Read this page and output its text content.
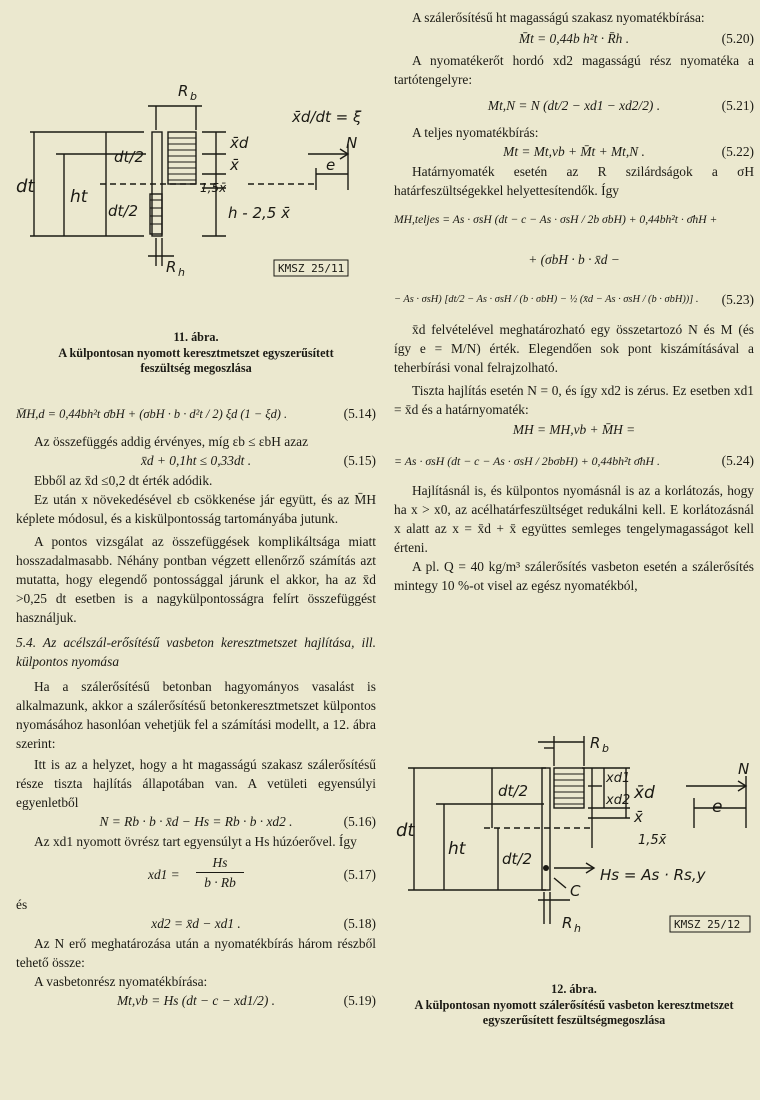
R b
x̄d/dt = ξ
dt/2
dt/2
dt ht
x̄d
x̄
1,5x̄
h - 2,5 x̄
N
e
R h	KMSZ 25/11
11. ábra.
A külpontosan nyomott keresztmetszet egyszerűsített feszültség megoszlása
M̄H,d = 0,44bh²t σ̄bH + (σbH · b · d²t / 2) ξd (1 − ξd) .	(5.14)

Az összefüggés addig érvényes, míg εb ≤ εbH azaz

x̄d + 0,1ht ≤ 0,33dt .	(5.15)

Ebből az x̄d ≤0,2 dt érték adódik.

Ez után x növekedésével εb csökkenése jár együtt, és az M̄H képlete módosul, és a kiskülpontosság tartományába jutunk.

A pontos vizsgálat az összefüggések komplikáltsága miatt hosszadalmasabb. Néhány pontban végzett ellenőrző számítás azt mutatta, hogy elegendő pontossággal járunk el akkor, ha az x̄d >0,25 dt esetben is a nagykülpontosságra felírt összefüggést használjuk.

5.4. Az acélszál-erősítésű vasbeton keresztmetszet hajlítása, ill. külpontos nyomása

Ha a szálerősítésű betonban hagyományos vasalást is alkalmazunk, akkor a szálerősítésű betonkeresztmetszet külpontos nyomásához hasonlóan vehetjük fel a számítási modellt, a 12. ábra szerint:

Itt is az a helyzet, hogy a ht magasságú szakasz szálerősítésű része tiszta hajlítás állapotában van. A vetületi egyensúlyi egyenletből

N = Rb · b · x̄d − Hs = Rb · b · xd2 .	(5.16)

Az xd1 nyomott övrész tart egyensúlyt a Hs húzóerővel. Így

xd1 =
Hs
b · Rb
(5.17)

és

xd2 = x̄d − xd1 .	(5.18)

Az N erő meghatározása után a nyomatékbírás három részből tehető össze:

A vasbetonrész nyomatékbírása:

Mt,vb = Hs (dt − c − xd1/2) .	(5.19)

A szálerősítésű ht magasságú szakasz nyomatékbírása:

M̄t = 0,44b h²t · R̄h .	(5.20)

A nyomatékerőt hordó xd2 magasságú rész nyomatéka a tartótengelyre:

Mt,N = N (dt/2 − xd1 − xd2/2) .	(5.21)

A teljes nyomatékbírás:

Mt = Mt,vb + M̄t + Mt,N .	(5.22)

Határnyomaték esetén az R szilárdságok a σH határfeszültségekkel helyettesítendők. Így

MH,teljes = As · σsH (dt − c − As · σsH / 2b σbH) + 0,44bh²t · σ̄hH +
+ (σbH · b · x̄d −
− As · σsH) [dt/2 − As · σsH / (b · σbH) − ½ (x̄d − As · σsH / (b · σbH))] .	(5.23)

x̄d felvételével meghatározható egy összetartozó N és M (és így e = M/N) érték. Elegendően sok pont kiszámításával a teherbírási vonal felrajzolható.

Tiszta hajlítás esetén N = 0, és így xd2 is zérus. Ez esetben xd1 = x̄d és a határnyomaték:

MH = MH,vb + M̄H =
= As · σsH (dt − c − As · σsH / 2bσbH) + 0,44bh²t σ̄hH .	(5.24)

Hajlításnál is, és külpontos nyomásnál is az a korlátozás, hogy ha x > x0, az acélhatárfeszültséget redukálni kell. E korlátozásnál x alatt az x = x̄d + x̄ együttes semleges tengelymagasságot kell érteni.

A pl. Q = 40 kg/m³ szálerősítés vasbeton esetén a szálerősítés mintegy 10 %-ot visel az egész nyomatékból,

R b
xd1
xd2 x̄d
x̄
1,5x̄
dt
ht
dt/2
dt/2
N
e
Hs = As · Rs,y
C
R h	KMSZ 25/12
12. ábra.
A külpontosan nyomott szálerősítésű vasbeton keresztmetszet egyszerűsített feszültségmegoszlása
